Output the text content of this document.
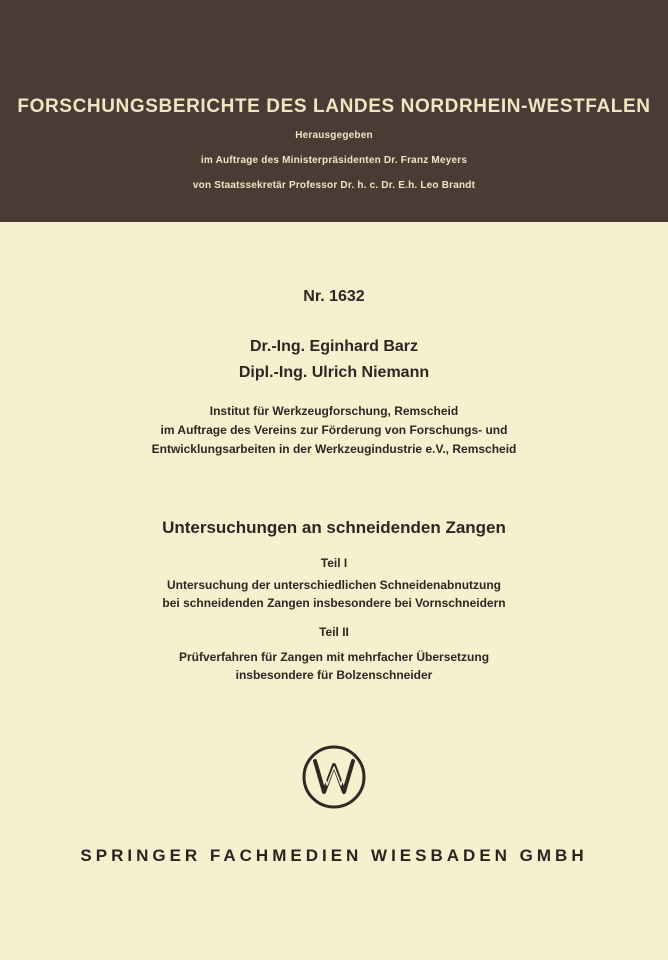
FORSCHUNGSBERICHTE DES LANDES NORDRHEIN-WESTFALEN
Herausgegeben
im Auftrage des Ministerpräsidenten Dr. Franz Meyers
von Staatssekretär Professor Dr. h. c. Dr. E.h. Leo Brandt
Nr. 1632
Dr.-Ing. Eginhard Barz
Dipl.-Ing. Ulrich Niemann
Institut für Werkzeugforschung, Remscheid
im Auftrage des Vereins zur Förderung von Forschungs- und
Entwicklungsarbeiten in der Werkzeugindustrie e.V., Remscheid
Untersuchungen an schneidenden Zangen
Teil I
Untersuchung der unterschiedlichen Schneidenabnutzung
bei schneidenden Zangen insbesondere bei Vornschneidern
Teil II
Prüfverfahren für Zangen mit mehrfacher Übersetzung
insbesondere für Bolzenschneider
SPRINGER FACHMEDIEN WIESBADEN GMBH
